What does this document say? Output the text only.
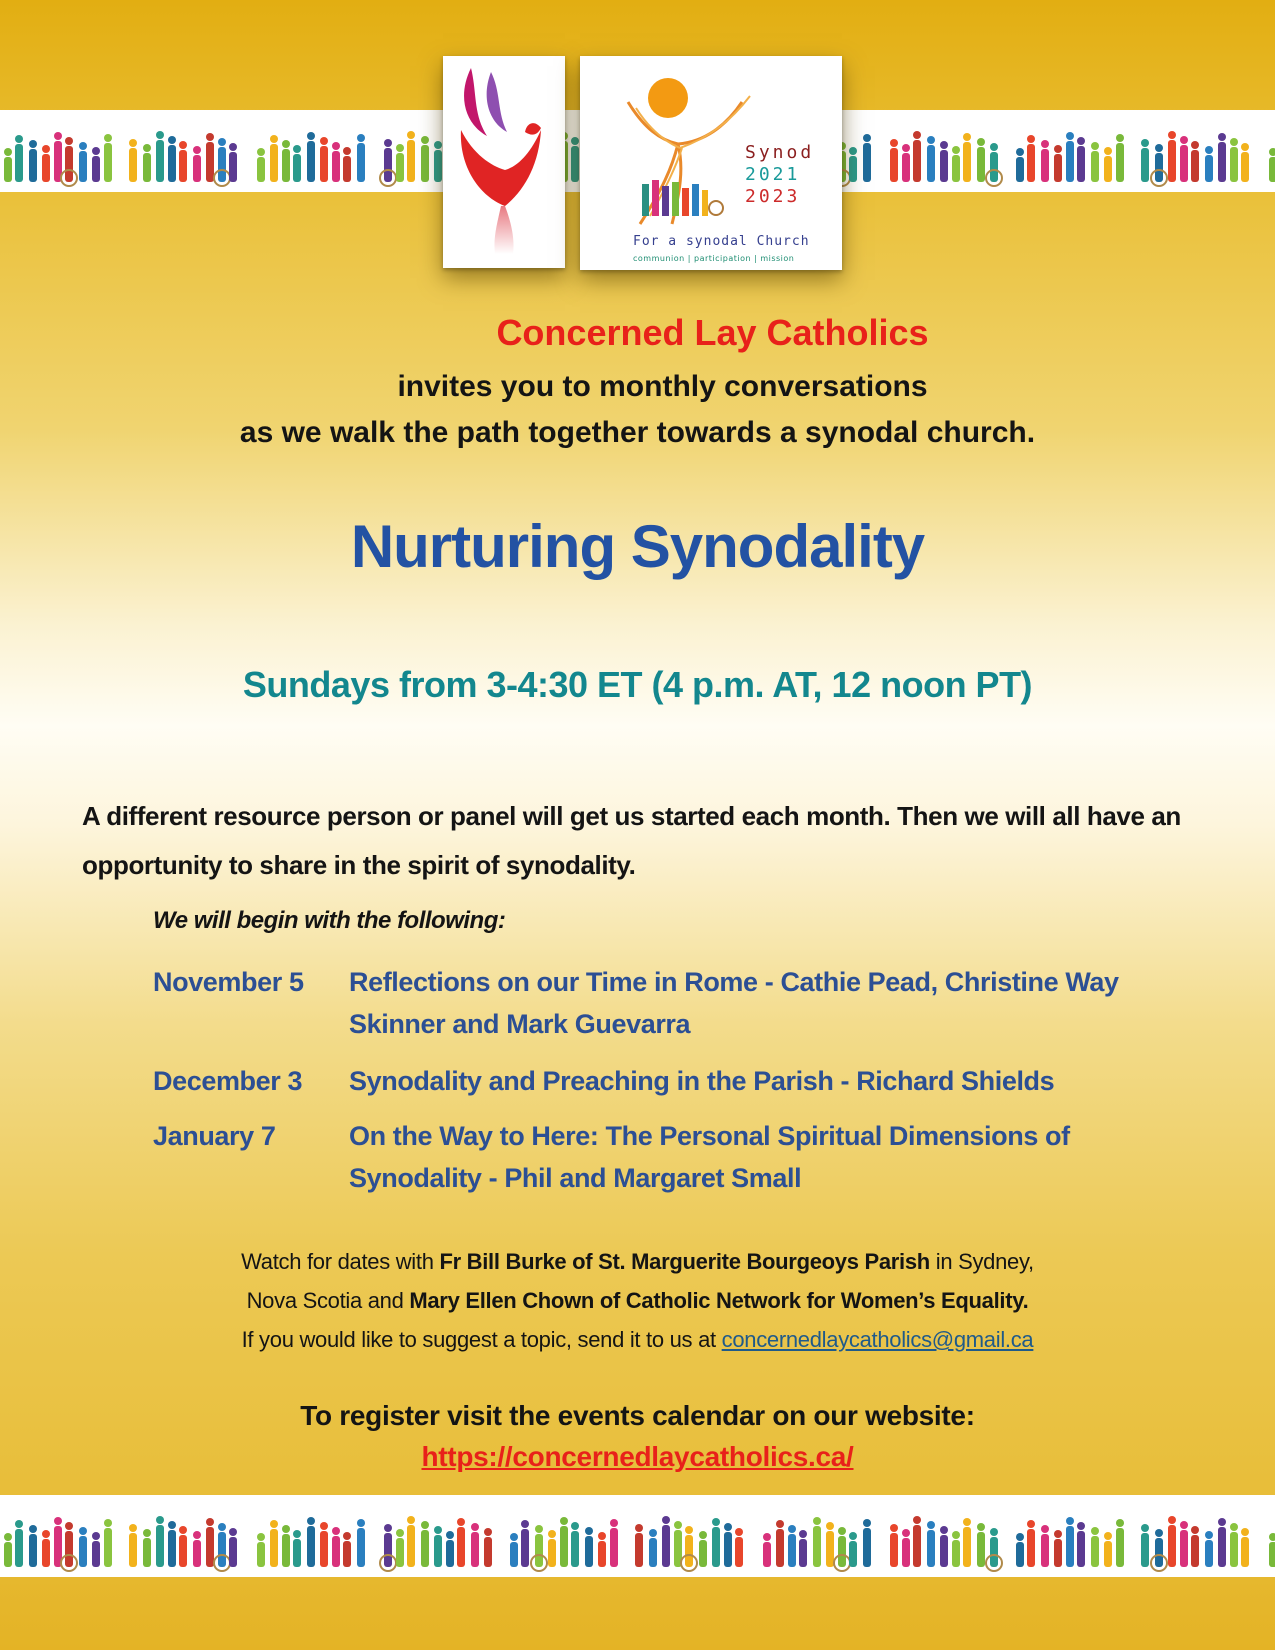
Synod
2021
2023
For a synodal Church
communion | participation | mission
Concerned Lay Catholics

invites you to monthly conversations

as we walk the path together towards a synodal church.

Nurturing Synodality

Sundays from 3-4:30 ET (4 p.m. AT, 12 noon PT)

A different resource person or panel will get us started each month. Then we will all have an opportunity to share in the spirit of synodality.

We will begin with the following:

November 5	Reflections on our Time in Rome - Cathie Pead, Christine Way Skinner and Mark Guevarra
December 3	Synodality and Preaching in the Parish - Richard Shields
January 7	On the Way to Here: The Personal Spiritual Dimensions of Synodality - Phil and Margaret Small

Watch for dates with Fr Bill Burke of St. Marguerite Bourgeoys Parish in Sydney,

Nova Scotia and Mary Ellen Chown of Catholic Network for Women’s Equality.

If you would like to suggest a topic, send it to us at concernedlaycatholics@gmail.ca

To register visit the events calendar on our website:

https://concernedlaycatholics.ca/
